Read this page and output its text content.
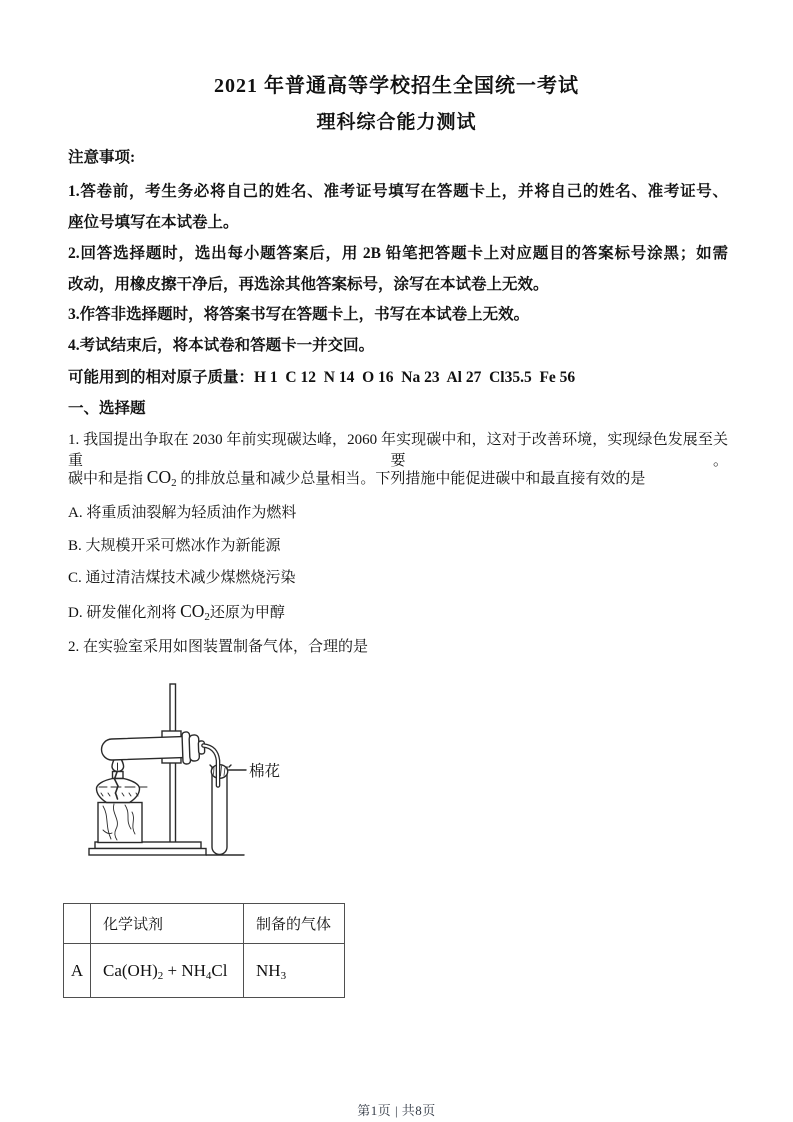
2021 年普通高等学校招生全国统一考试
理科综合能力测试
注意事项:
1.答卷前，考生务必将自己的姓名、准考证号填写在答题卡上，并将自己的姓名、准考证号、
座位号填写在本试卷上。
2.回答选择题时，选出每小题答案后，用 2B 铅笔把答题卡上对应题目的答案标号涂黑；如需
改动，用橡皮擦干净后，再选涂其他答案标号，涂写在本试卷上无效。
3.作答非选择题时，将答案书写在答题卡上，书写在本试卷上无效。
4.考试结束后，将本试卷和答题卡一并交回。
可能用到的相对原子质量：H 1  C 12  N 14  O 16  Na 23  Al 27  Cl35.5  Fe 56
一、选择题
1. 我国提出争取在 2030 年前实现碳达峰，2060 年实现碳中和，这对于改善环境，实现绿色发展至关重要。
碳中和是指 $CO_2$ 的排放总量和减少总量相当。下列措施中能促进碳中和最直接有效的是
A. 将重质油裂解为轻质油作为燃料
B. 大规模开采可燃冰作为新能源
C. 通过清洁煤技术减少煤燃烧污染
D. 研发催化剂将 $CO_2$还原为甲醇
2. 在实验室采用如图装置制备气体，合理的是
棉花
	化学试剂	制备的气体
A	$Ca(OH)_2 + NH_4Cl$	$NH_3$
第1页 | 共8页
